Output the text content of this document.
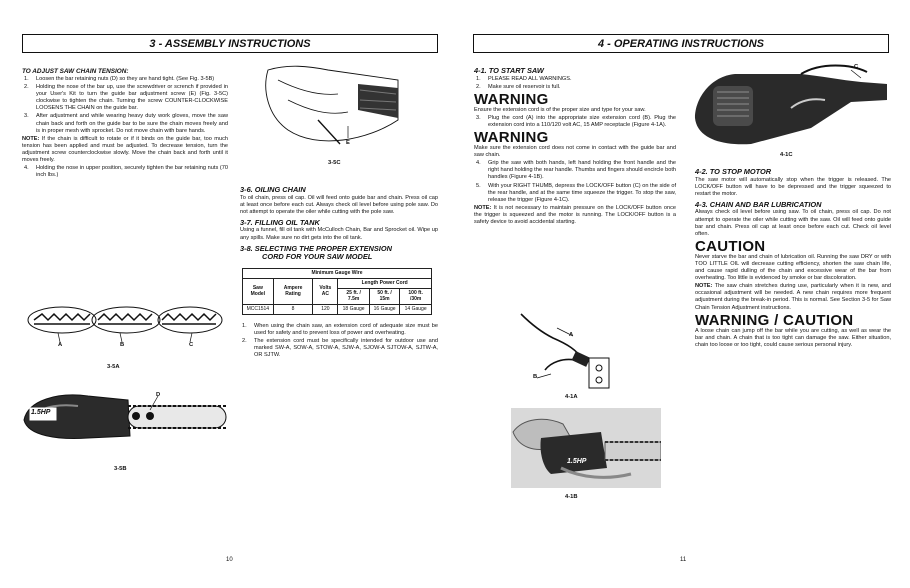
3 - ASSEMBLY INSTRUCTIONS
TO ADJUST SAW CHAIN TENSION:
1. Loosen the bar retaining nuts (D) so they are hand tight. (See Fig. 3-5B)
2. Holding the nose of the bar up, use the screwdriver or scrench if provided in your User's Kit to turn the guide bar adjustment screw (E) (Fig. 3-5C) clockwise to tighten the chain. Turning the screw COUNTER-CLOCKWISE LOOSENS THE CHAIN on the guide bar.
3. After adjustment and while wearing heavy duty work gloves, move the saw chain back and forth on the guide bar to be sure the chain moves freely and is in proper mesh with sprocket. Do not move chain with bare hands.

NOTE: If the chain is difficult to rotate or if it binds on the guide bar, too much tension has been applied and must be adjusted. To decrease tension, turn the adjustment screw counterclockwise slowly. Move the chain back and forth until it moves freely.

4. Holding the nose in upper position, securely tighten the bar retaining nuts (70 inch lbs.)
A	B	C
3-5A
1.5HP
D
3-5B
E
3-5C
3-6. OILING CHAIN

To oil chain, press oil cap. Oil will feed onto guide bar and chain. Press oil cap at least once before each cut. Always check oil level before using pole saw. Do not attempt to operate the oiler while cutting with the pole saw.

3-7. FILLING OIL TANK

Using a funnel, fill oil tank with McCulloch Chain, Bar and Sprocket oil. Wipe up any spills. Make sure no dirt gets into the oil tank.

3-8. SELECTING THE PROPER EXTENSION
CORD FOR YOUR SAW MODEL
Minimum Gauge Wire					
Saw Model	Ampere Rating	Volts AC	Length Power Cord		
			25 ft. / 7.5m	50 ft. / 15m	100 ft. /30m
MCC1514	8	120	18 Gauge	16 Gauge	14 Gauge
1. When using the chain saw, an extension cord of adequate size must be used for safety and to prevent loss of power and overheating.
2. The extension cord must be specifically intended for outdoor use and marked SW-A, SOW-A, STOW-A, SJW-A, SJOW-A SJTOW-A, SJTW-A, OR SJTW.
10
4 - OPERATING INSTRUCTIONS
4-1. TO START SAW
1. PLEASE READ ALL WARNINGS.
2. Make sure oil reservoir is full.
WARNING

Ensure the extension cord is of the proper size and type for your saw.

3. Plug the cord (A) into the appropriate size extension cord (B). Plug the extension cord into a 110/120 volt AC, 15 AMP receptacle (Figure 4-1A).
WARNING

Make sure the extension cord does not come in contact with the guide bar and saw chain.

4. Grip the saw with both hands, left hand holding the front handle and the right hand holding the rear handle. Thumbs and fingers should encircle both handles (Figure 4-1B).
5. With your RIGHT THUMB, depress the LOCK/OFF button (C) on the side of the rear handle, and at the same time squeeze the trigger. To stop the saw, release the trigger (Figure 4-1C).

NOTE: It is not necessary to maintain pressure on the LOCK/OFF button once the trigger is squeezed and the motor is running. The LOCK/OFF button is a safety device to avoid accidental starting.

A
B
4-1A
1.5HP
4-1B
C
4-1C
4-2. TO STOP MOTOR

The saw motor will automatically stop when the trigger is released. The LOCK/OFF button will have to be depressed and the trigger squeezed to restart the motor.

4-3. CHAIN AND BAR LUBRICATION

Always check oil level before using saw. To oil chain, press oil cap. Do not attempt to operate the oiler while cutting with the saw. Oil will feed onto guide bar and chain. Press oil cap at least once before each cut. Check oil level often.

CAUTION

Never starve the bar and chain of lubrication oil. Running the saw DRY or with TOO LITTLE OIL will decrease cutting efficiency, shorten the saw chain life, and cause rapid dulling of the chain and excessive wear of the bar from overheating. Too little is evidenced by smoke or bar discoloration.

NOTE: The saw chain stretches during use, particularly when it is new, and occasional adjustment will be needed. A new chain requires more frequent adjustment during the break-in period. This is normal. See Section 3-5 for Saw Chain Tension Adjustment instructions.

WARNING / CAUTION

A loose chain can jump off the bar while you are cutting, as well as wear the bar and chain. A chain that is too tight can damage the saw. Either situation, chain too loose or too tight, could cause serious personal injury.

11
